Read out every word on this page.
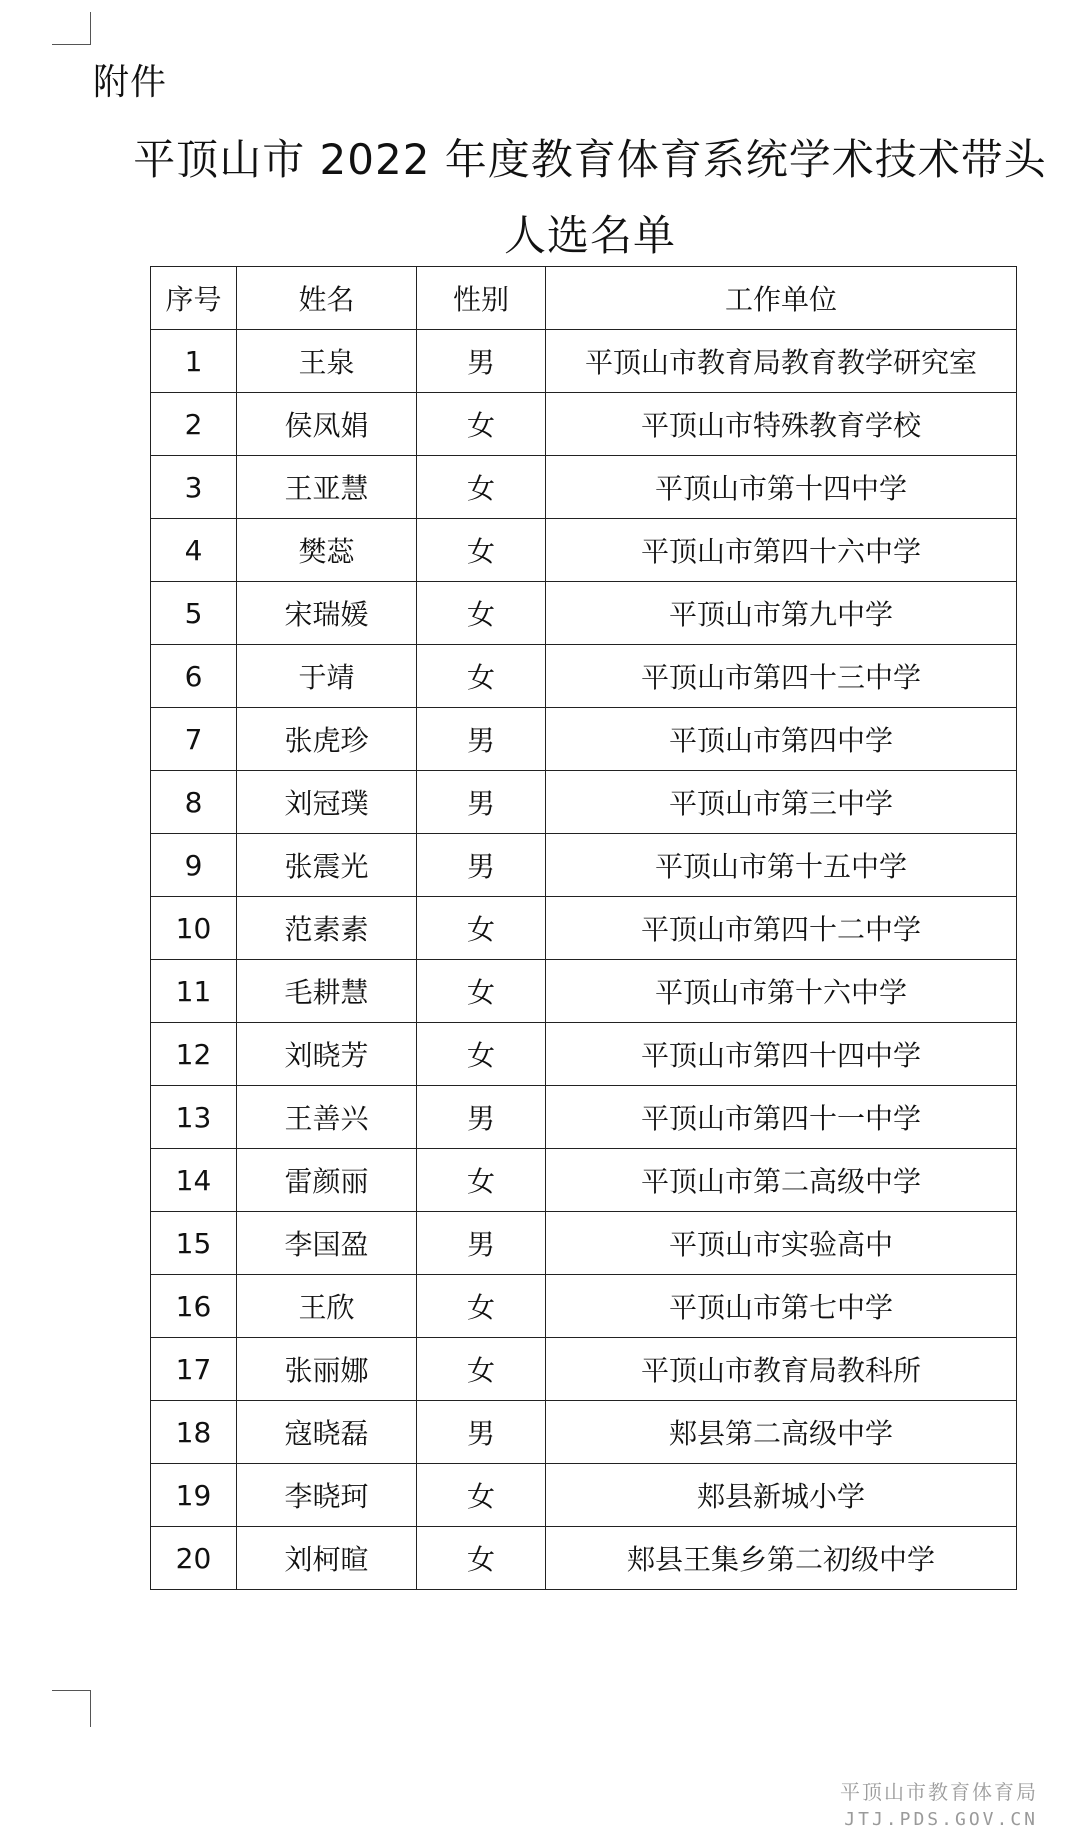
附件
平顶山市 2022 年度教育体育系统学术技术带头
人选名单
序号	姓名	性别	工作单位
1	王泉	男	平顶山市教育局教育教学研究室
2	侯凤娟	女	平顶山市特殊教育学校
3	王亚慧	女	平顶山市第十四中学
4	樊蕊	女	平顶山市第四十六中学
5	宋瑞媛	女	平顶山市第九中学
6	于靖	女	平顶山市第四十三中学
7	张虎珍	男	平顶山市第四中学
8	刘冠璞	男	平顶山市第三中学
9	张震光	男	平顶山市第十五中学
10	范素素	女	平顶山市第四十二中学
11	毛耕慧	女	平顶山市第十六中学
12	刘晓芳	女	平顶山市第四十四中学
13	王善兴	男	平顶山市第四十一中学
14	雷颜丽	女	平顶山市第二高级中学
15	李国盈	男	平顶山市实验高中
16	王欣	女	平顶山市第七中学
17	张丽娜	女	平顶山市教育局教科所
18	寇晓磊	男	郏县第二高级中学
19	李晓珂	女	郏县新城小学
20	刘柯暄	女	郏县王集乡第二初级中学
平顶山市教育体育局
JTJ.PDS.GOV.CN
